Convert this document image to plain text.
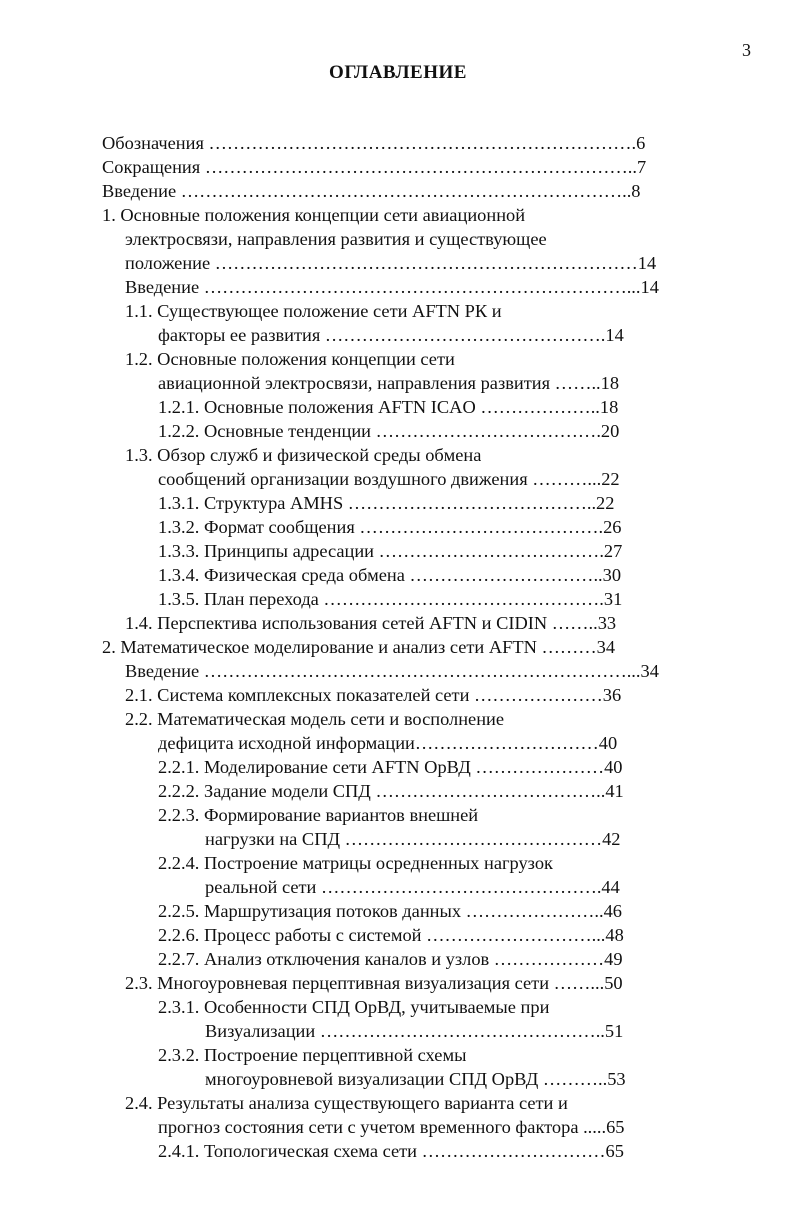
3
ОГЛАВЛЕНИЕ
Обозначения …………………………………………………………….6
Сокращения ……………………………………………………………..7
Введение ………………………………………………………………..8
1. Основные положения концепции сети авиационной
электросвязи, направления развития и существующее
положение ……………………………………………………………14
Введение ……………………………………………………………...14
1.1. Существующее положение сети AFTN РК и
факторы ее развития ……………………………………….14
1.2. Основные положения концепции сети
авиационной электросвязи, направления развития ……..18
1.2.1. Основные положения AFTN ICAO ………………..18
1.2.2. Основные тенденции ……………………………….20
1.3. Обзор служб и физической среды обмена
сообщений организации воздушного движения ………...22
1.3.1. Структура AMHS …………………………………..22
1.3.2. Формат сообщения ………………………………….26
1.3.3. Принципы адресации ……………………………….27
1.3.4. Физическая среда обмена …………………………..30
1.3.5. План перехода ……………………………………….31
1.4. Перспектива использования сетей AFTN и CIDIN ……..33
2. Математическое моделирование и анализ сети AFTN ………34
Введение ……………………………………………………………...34
2.1. Система комплексных показателей сети …………………36
2.2. Математическая модель сети и восполнение
дефицита исходной информации…………………………40
2.2.1. Моделирование сети AFTN ОрВД …………………40
2.2.2. Задание модели СПД ………………………………..41
2.2.3. Формирование вариантов внешней
нагрузки на СПД ……………………………………42
2.2.4. Построение матрицы осредненных нагрузок
реальной сети ……………………………………….44
2.2.5. Маршрутизация потоков данных …………………..46
2.2.6. Процесс работы с системой ………………………...48
2.2.7. Анализ отключения каналов и узлов ………………49
2.3. Многоуровневая перцептивная визуализация сети ……...50
2.3.1. Особенности СПД ОрВД, учитываемые при
Визуализации ………………………………………..51
2.3.2. Построение перцептивной схемы
многоуровневой визуализации СПД ОрВД ………..53
2.4. Результаты анализа существующего варианта сети и
прогноз состояния сети с учетом временного фактора .....65
2.4.1. Топологическая схема сети …………………………65
